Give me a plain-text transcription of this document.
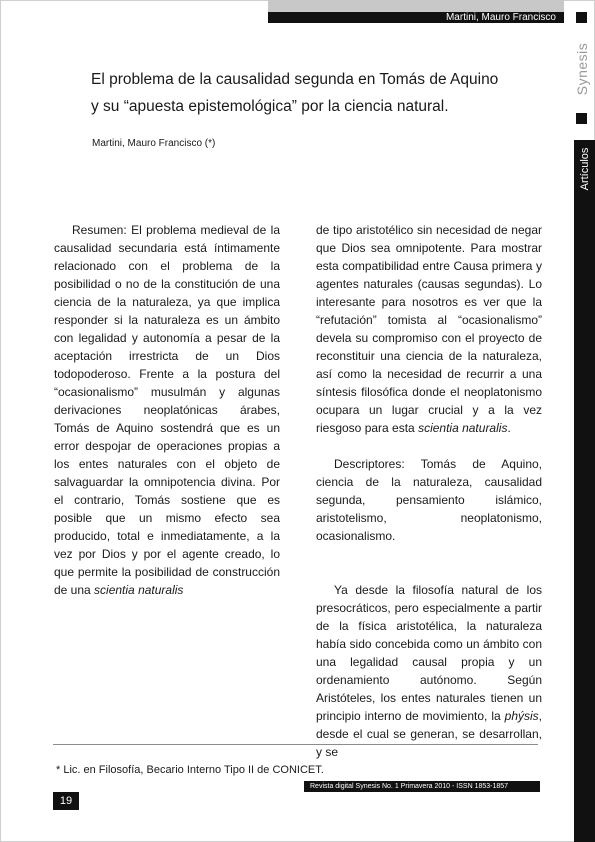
Martini, Mauro Francisco
Synesis
Artículos
El problema de la causalidad segunda en Tomás de Aquino
y su “apuesta epistemológica” por la ciencia natural.
Martini, Mauro Francisco (*)

Resumen: El problema medieval de la causalidad secundaria está íntimamente relacionado con el problema de la posibilidad o no de la constitución de una ciencia de la naturaleza, ya que implica responder si la naturaleza es un ámbito con legalidad y autonomía a pesar de la aceptación irrestricta de un Dios todopoderoso. Frente a la postura del “ocasionalismo” musulmán y algunas derivaciones neoplatónicas árabes, Tomás de Aquino sostendrá que es un error despojar de operaciones propias a los entes naturales con el objeto de salvaguardar la omnipotencia divina. Por el contrario, Tomás sostiene que es posible que un mismo efecto sea producido, total e inmediatamente, a la vez por Dios y por el agente creado, lo que permite la posibilidad de construcción de una scientia naturalis

de tipo aristotélico sin necesidad de negar que Dios sea omnipotente. Para mostrar esta compatibilidad entre Causa primera y agentes naturales (causas segundas). Lo interesante para nosotros es ver que la “refutación” tomista al “ocasionalismo” devela su compromiso con el proyecto de reconstituir una ciencia de la naturaleza, así como la necesidad de recurrir a una síntesis filosófica donde el neoplatonismo ocupara un lugar crucial y a la vez riesgoso para esta scientia naturalis.

Descriptores: Tomás de Aquino, ciencia de la naturaleza, causalidad segunda, pensamiento islámico, aristotelismo, neoplatonismo, ocasionalismo.

Ya desde la filosofía natural de los presocráticos, pero especialmente a partir de la física aristotélica, la naturaleza había sido concebida como un ámbito con una legalidad causal propia y un ordenamiento autónomo. Según Aristóteles, los entes naturales tienen un principio interno de movimiento, la phýsis, desde el cual se generan, se desarrollan, y se

* Lic. en Filosofía, Becario Interno Tipo II de CONICET.
Revista digital Synesis No. 1 Primavera 2010 - ISSN 1853-1857
19
